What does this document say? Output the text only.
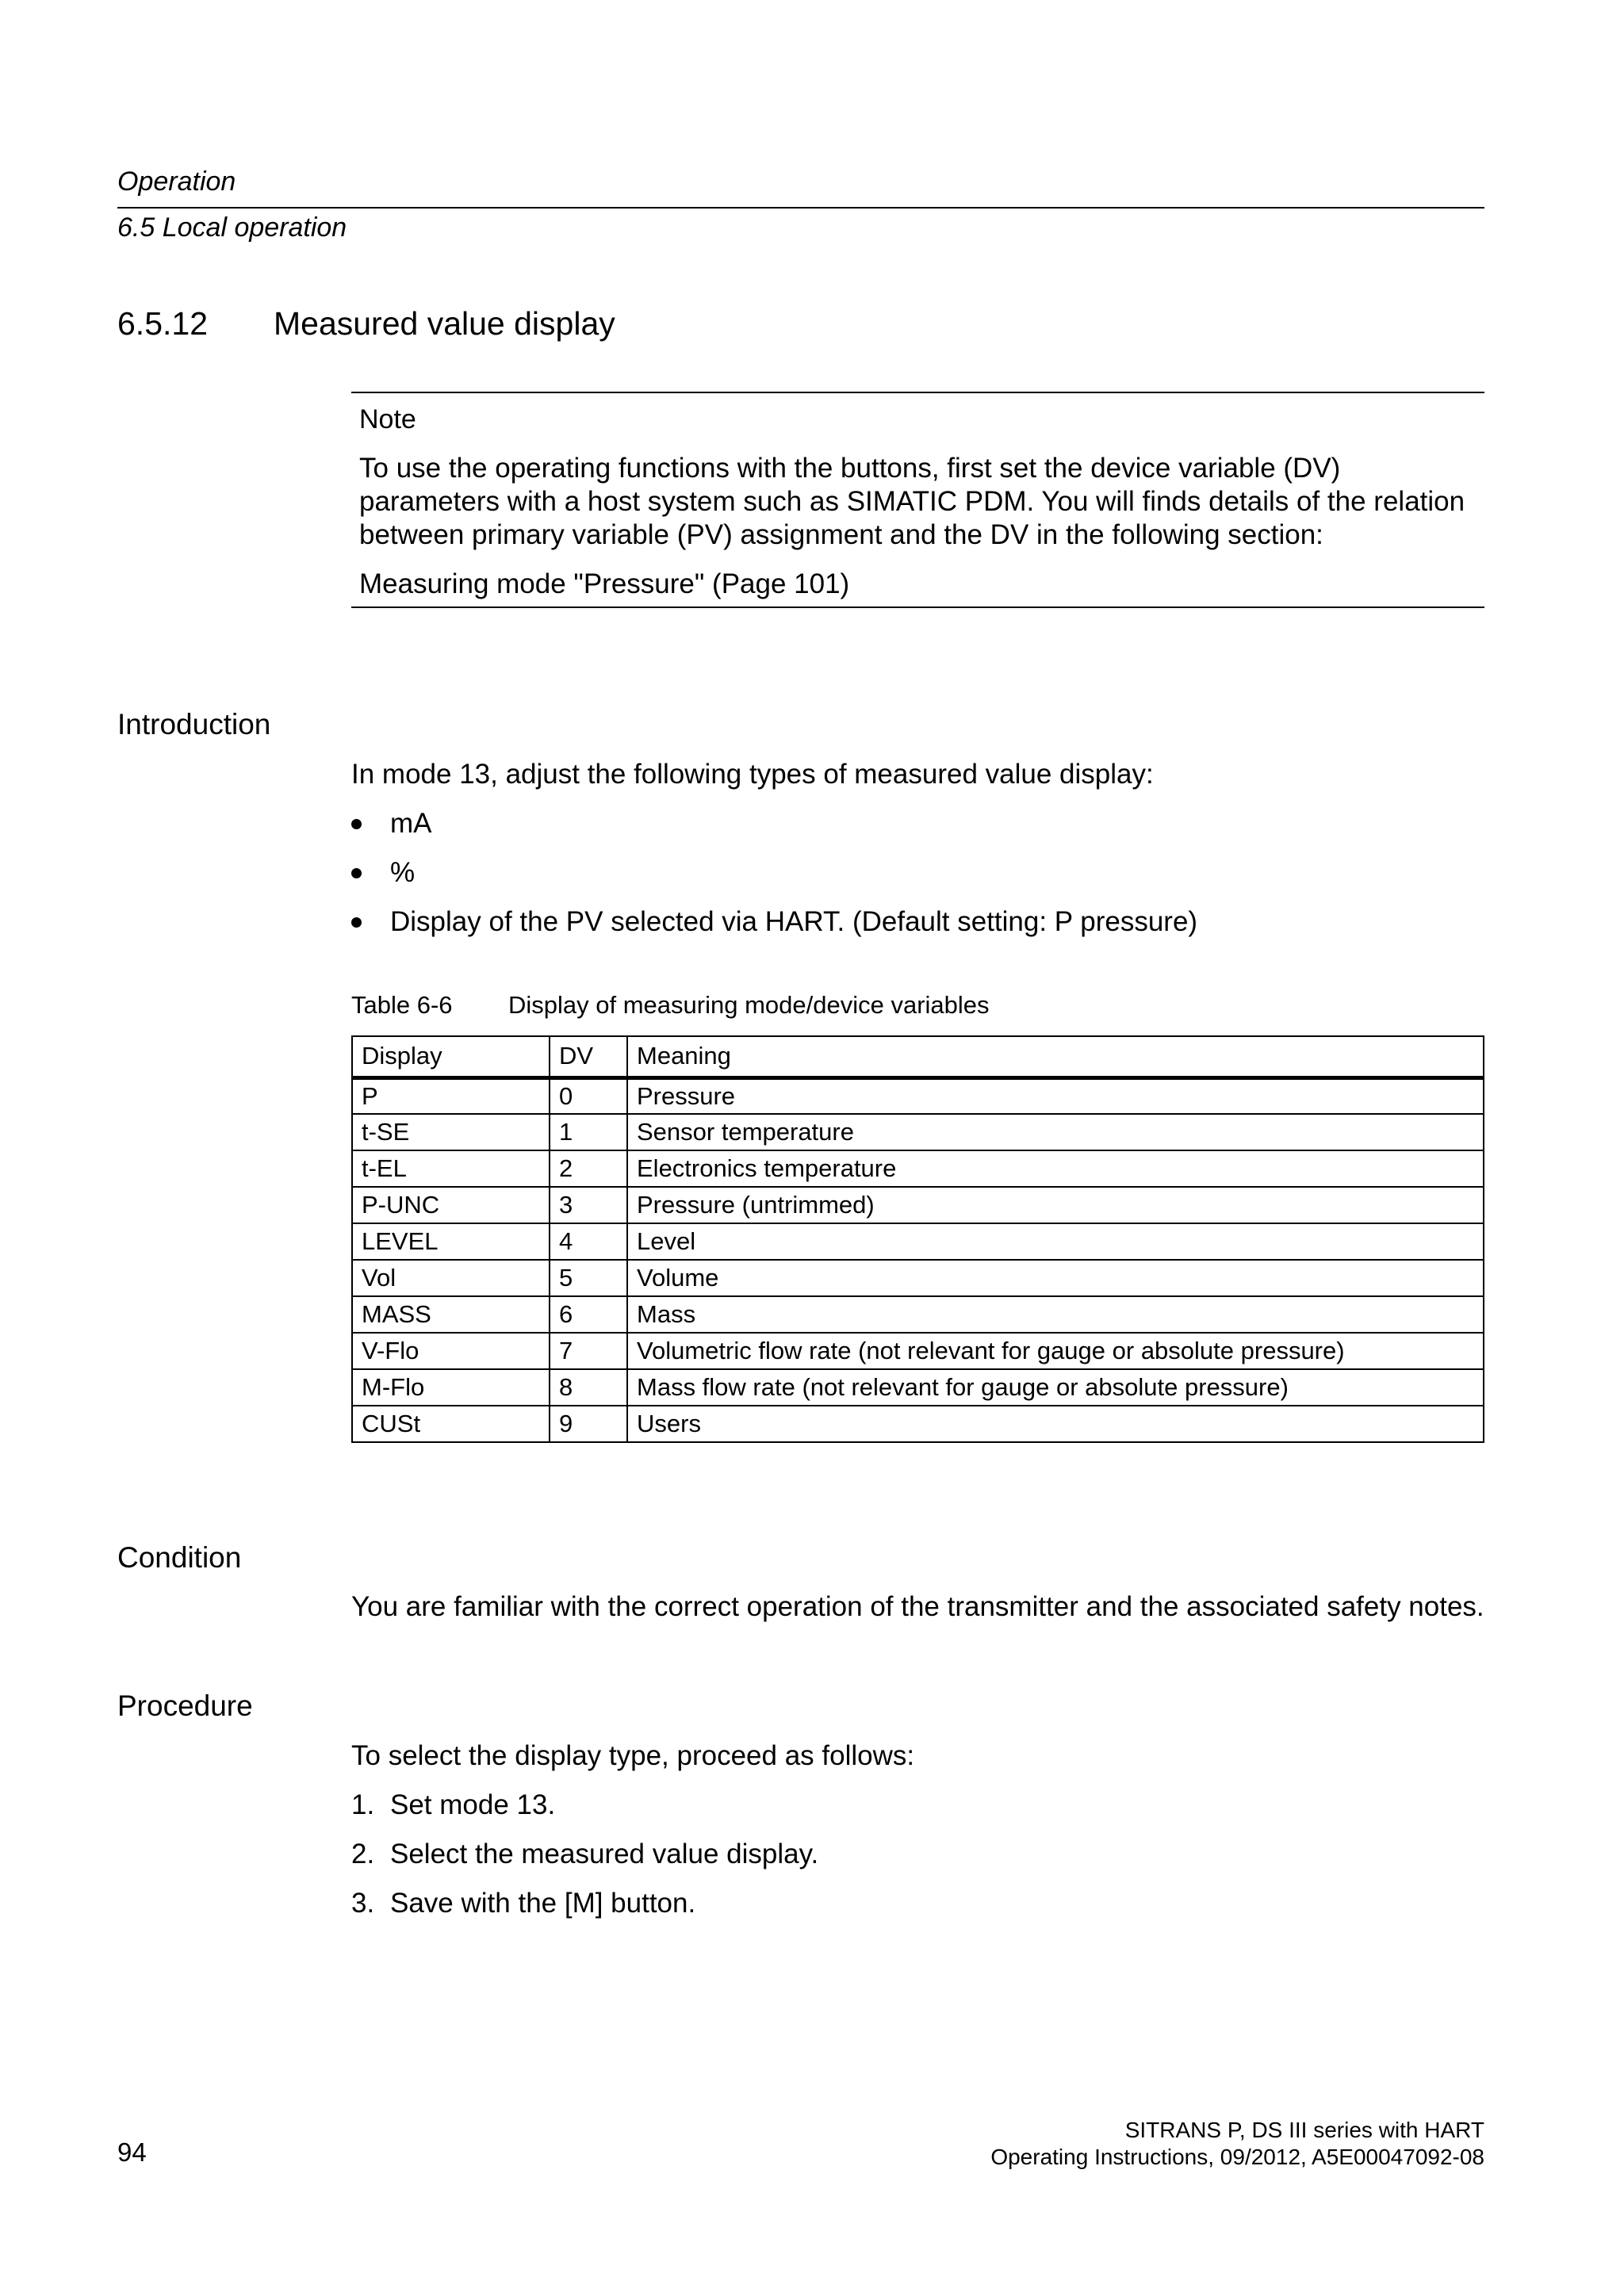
Operation
6.5 Local operation
6.5.12 Measured value display
Note
To use the operating functions with the buttons, first set the device variable (DV) parameters with a host system such as SIMATIC PDM. You will finds details of the relation between primary variable (PV) assignment and the DV in the following section:
Measuring mode "Pressure" (Page 101)
Introduction
In mode 13, adjust the following types of measured value display:
mA
%
Display of the PV selected via HART. (Default setting: P pressure)
Table 6-6 Display of measuring mode/device variables
Display	DV	Meaning
P	0	Pressure
t-SE	1	Sensor temperature
t-EL	2	Electronics temperature
P-UNC	3	Pressure (untrimmed)
LEVEL	4	Level
Vol	5	Volume
MASS	6	Mass
V-Flo	7	Volumetric flow rate (not relevant for gauge or absolute pressure)
M-Flo	8	Mass flow rate (not relevant for gauge or absolute pressure)
CUSt	9	Users
Condition
You are familiar with the correct operation of the transmitter and the associated safety notes.
Procedure
To select the display type, proceed as follows:
1. Set mode 13.
2. Select the measured value display.
3. Save with the [M] button.
94
SITRANS P, DS III series with HART
Operating Instructions, 09/2012, A5E00047092-08
